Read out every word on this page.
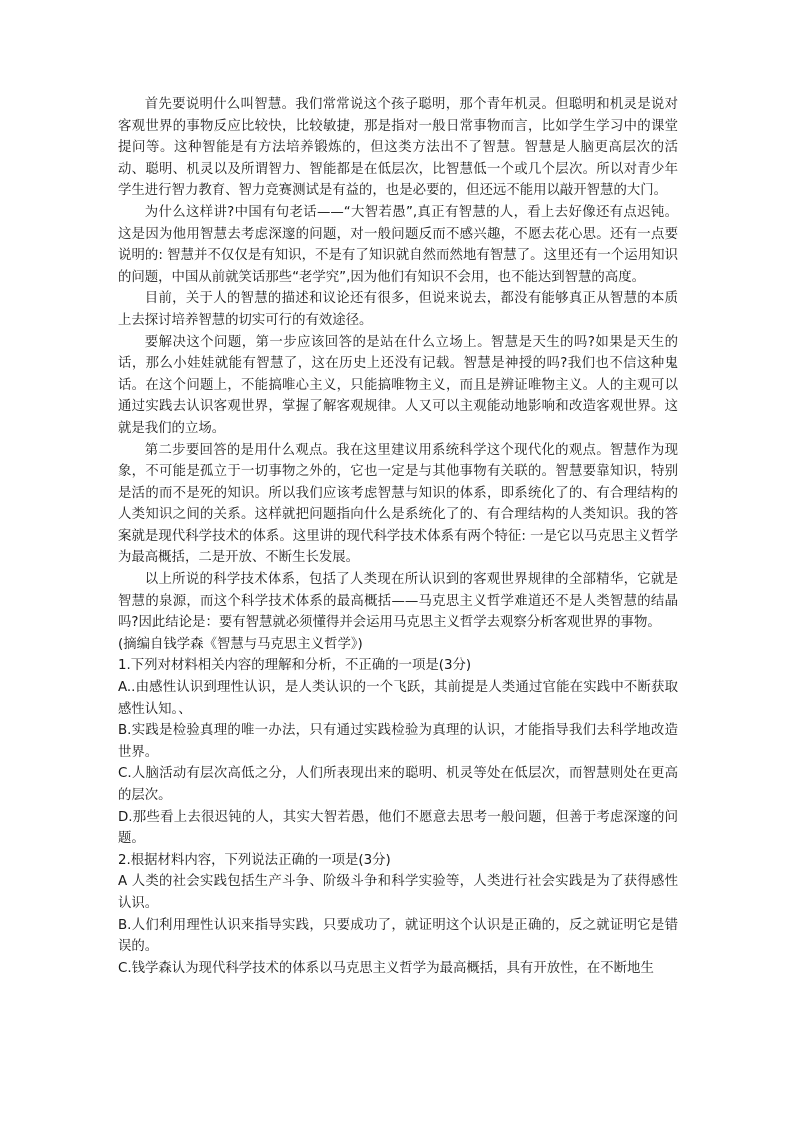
首先要说明什么叫智慧。我们常常说这个孩子聪明，那个青年机灵。但聪明和机灵是说对客观世界的事物反应比较快，比较敏捷，那是指对一般日常事物而言，比如学生学习中的课堂提问等。这种智能是有方法培养锻炼的，但这类方法出不了智慧。智慧是人脑更高层次的活动、聪明、机灵以及所谓智力、智能都是在低层次，比智慧低一个或几个层次。所以对青少年学生进行智力教育、智力竞赛测试是有益的，也是必要的，但还远不能用以敲开智慧的大门。

为什么这样讲?中国有句老话——“大智若愚”,真正有智慧的人，看上去好像还有点迟钝。这是因为他用智慧去考虑深邃的问题，对一般问题反而不感兴趣，不愿去花心思。还有一点要说明的: 智慧并不仅仅是有知识，不是有了知识就自然而然地有智慧了。这里还有一个运用知识的问题，中国从前就笑话那些“老学究”,因为他们有知识不会用，也不能达到智慧的高度。

目前，关于人的智慧的描述和议论还有很多，但说来说去，都没有能够真正从智慧的本质上去探讨培养智慧的切实可行的有效途径。

要解决这个问题，第一步应该回答的是站在什么立场上。智慧是天生的吗?如果是天生的话，那么小娃娃就能有智慧了，这在历史上还没有记载。智慧是神授的吗?我们也不信这种鬼话。在这个问题上，不能搞唯心主义，只能搞唯物主义，而且是辨证唯物主义。人的主观可以通过实践去认识客观世界，掌握了解客观规律。人又可以主观能动地影响和改造客观世界。这就是我们的立场。

第二步要回答的是用什么观点。我在这里建议用系统科学这个现代化的观点。智慧作为现象，不可能是孤立于一切事物之外的，它也一定是与其他事物有关联的。智慧要靠知识，特别是活的而不是死的知识。所以我们应该考虑智慧与知识的体系，即系统化了的、有合理结构的人类知识之间的关系。这样就把问题指向什么是系统化了的、有合理结构的人类知识。我的答案就是现代科学技术的体系。这里讲的现代科学技术体系有两个特征: 一是它以马克思主义哲学为最高概括，二是开放、不断生长发展。

以上所说的科学技术体系，包括了人类现在所认识到的客观世界规律的全部精华，它就是智慧的泉源，而这个科学技术体系的最高概括——马克思主义哲学难道还不是人类智慧的结晶吗?因此结论是：要有智慧就必须懂得并会运用马克思主义哲学去观察分析客观世界的事物。

(摘编自钱学森《智慧与马克思主义哲学》)

1.下列对材料相关内容的理解和分析，不正确的一项是(3分)

A..由感性认识到理性认识，是人类认识的一个飞跃，其前提是人类通过官能在实践中不断获取感性认知。、

B.实践是检验真理的唯一办法，只有通过实践检验为真理的认识，才能指导我们去科学地改造世界。

C.人脑活动有层次高低之分，人们所表现出来的聪明、机灵等处在低层次，而智慧则处在更高的层次。

D.那些看上去很迟钝的人，其实大智若愚，他们不愿意去思考一般问题，但善于考虑深邃的问题。

2.根据材料内容，下列说法正确的一项是(3分)

A 人类的社会实践包括生产斗争、阶级斗争和科学实验等，人类进行社会实践是为了获得感性认识。

B.人们利用理性认识来指导实践，只要成功了，就证明这个认识是正确的，反之就证明它是错误的。

C.钱学森认为现代科学技术的体系以马克思主义哲学为最高概括，具有开放性，在不断地生
